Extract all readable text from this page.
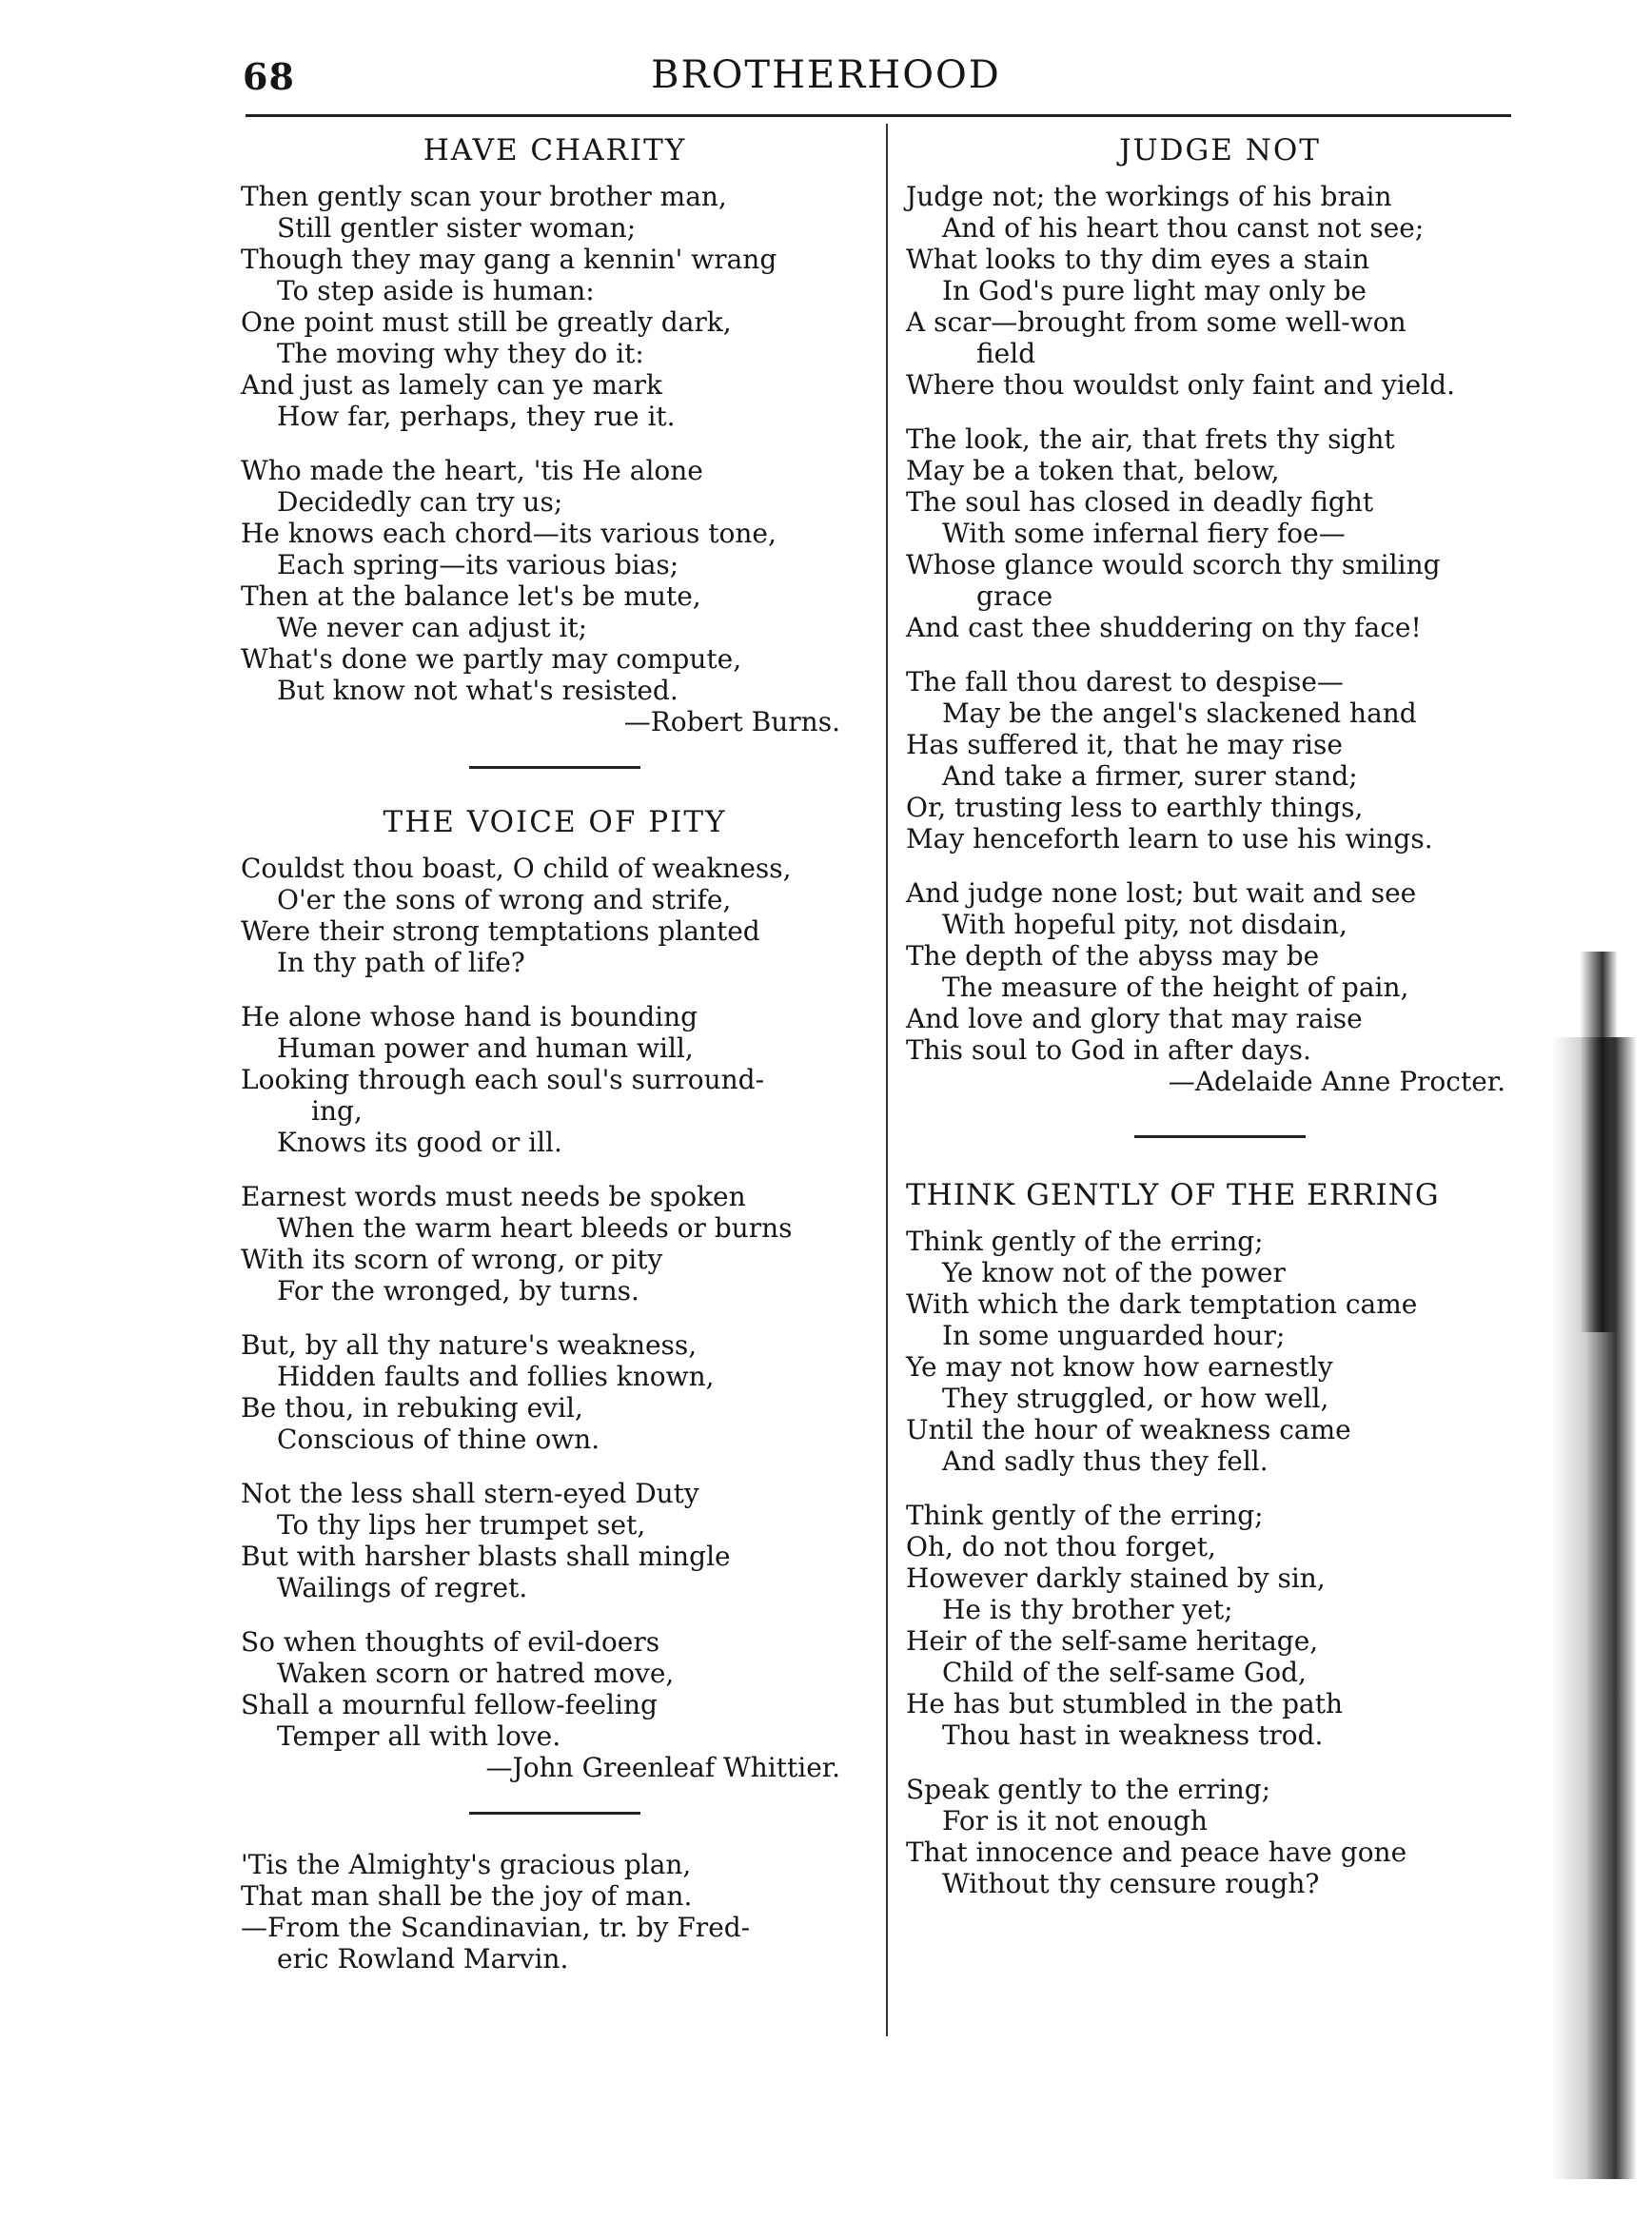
68	BROTHERHOOD
HAVE CHARITY
Then gently scan your brother man,
Still gentler sister woman;
Though they may gang a kennin' wrang
To step aside is human:
One point must still be greatly dark,
The moving why they do it:
And just as lamely can ye mark
How far, perhaps, they rue it.
Who made the heart, 'tis He alone
Decidedly can try us;
He knows each chord—its various tone,
Each spring—its various bias;
Then at the balance let's be mute,
We never can adjust it;
What's done we partly may compute,
But know not what's resisted.
—Robert Burns.
THE VOICE OF PITY
Couldst thou boast, O child of weakness,
O'er the sons of wrong and strife,
Were their strong temptations planted
In thy path of life?
He alone whose hand is bounding
Human power and human will,
Looking through each soul's surround-
ing,
Knows its good or ill.
Earnest words must needs be spoken
When the warm heart bleeds or burns
With its scorn of wrong, or pity
For the wronged, by turns.
But, by all thy nature's weakness,
Hidden faults and follies known,
Be thou, in rebuking evil,
Conscious of thine own.
Not the less shall stern-eyed Duty
To thy lips her trumpet set,
But with harsher blasts shall mingle
Wailings of regret.
So when thoughts of evil-doers
Waken scorn or hatred move,
Shall a mournful fellow-feeling
Temper all with love.
—John Greenleaf Whittier.
'Tis the Almighty's gracious plan,
That man shall be the joy of man.
—From the Scandinavian, tr. by Fred-
eric Rowland Marvin.
JUDGE NOT
Judge not; the workings of his brain
And of his heart thou canst not see;
What looks to thy dim eyes a stain
In God's pure light may only be
A scar—brought from some well-won
field
Where thou wouldst only faint and yield.
The look, the air, that frets thy sight
May be a token that, below,
The soul has closed in deadly fight
With some infernal fiery foe—
Whose glance would scorch thy smiling
grace
And cast thee shuddering on thy face!
The fall thou darest to despise—
May be the angel's slackened hand
Has suffered it, that he may rise
And take a firmer, surer stand;
Or, trusting less to earthly things,
May henceforth learn to use his wings.
And judge none lost; but wait and see
With hopeful pity, not disdain,
The depth of the abyss may be
The measure of the height of pain,
And love and glory that may raise
This soul to God in after days.
—Adelaide Anne Procter.
THINK GENTLY OF THE ERRING
Think gently of the erring;
Ye know not of the power
With which the dark temptation came
In some unguarded hour;
Ye may not know how earnestly
They struggled, or how well,
Until the hour of weakness came
And sadly thus they fell.
Think gently of the erring;
Oh, do not thou forget,
However darkly stained by sin,
He is thy brother yet;
Heir of the self-same heritage,
Child of the self-same God,
He has but stumbled in the path
Thou hast in weakness trod.
Speak gently to the erring;
For is it not enough
That innocence and peace have gone
Without thy censure rough?
